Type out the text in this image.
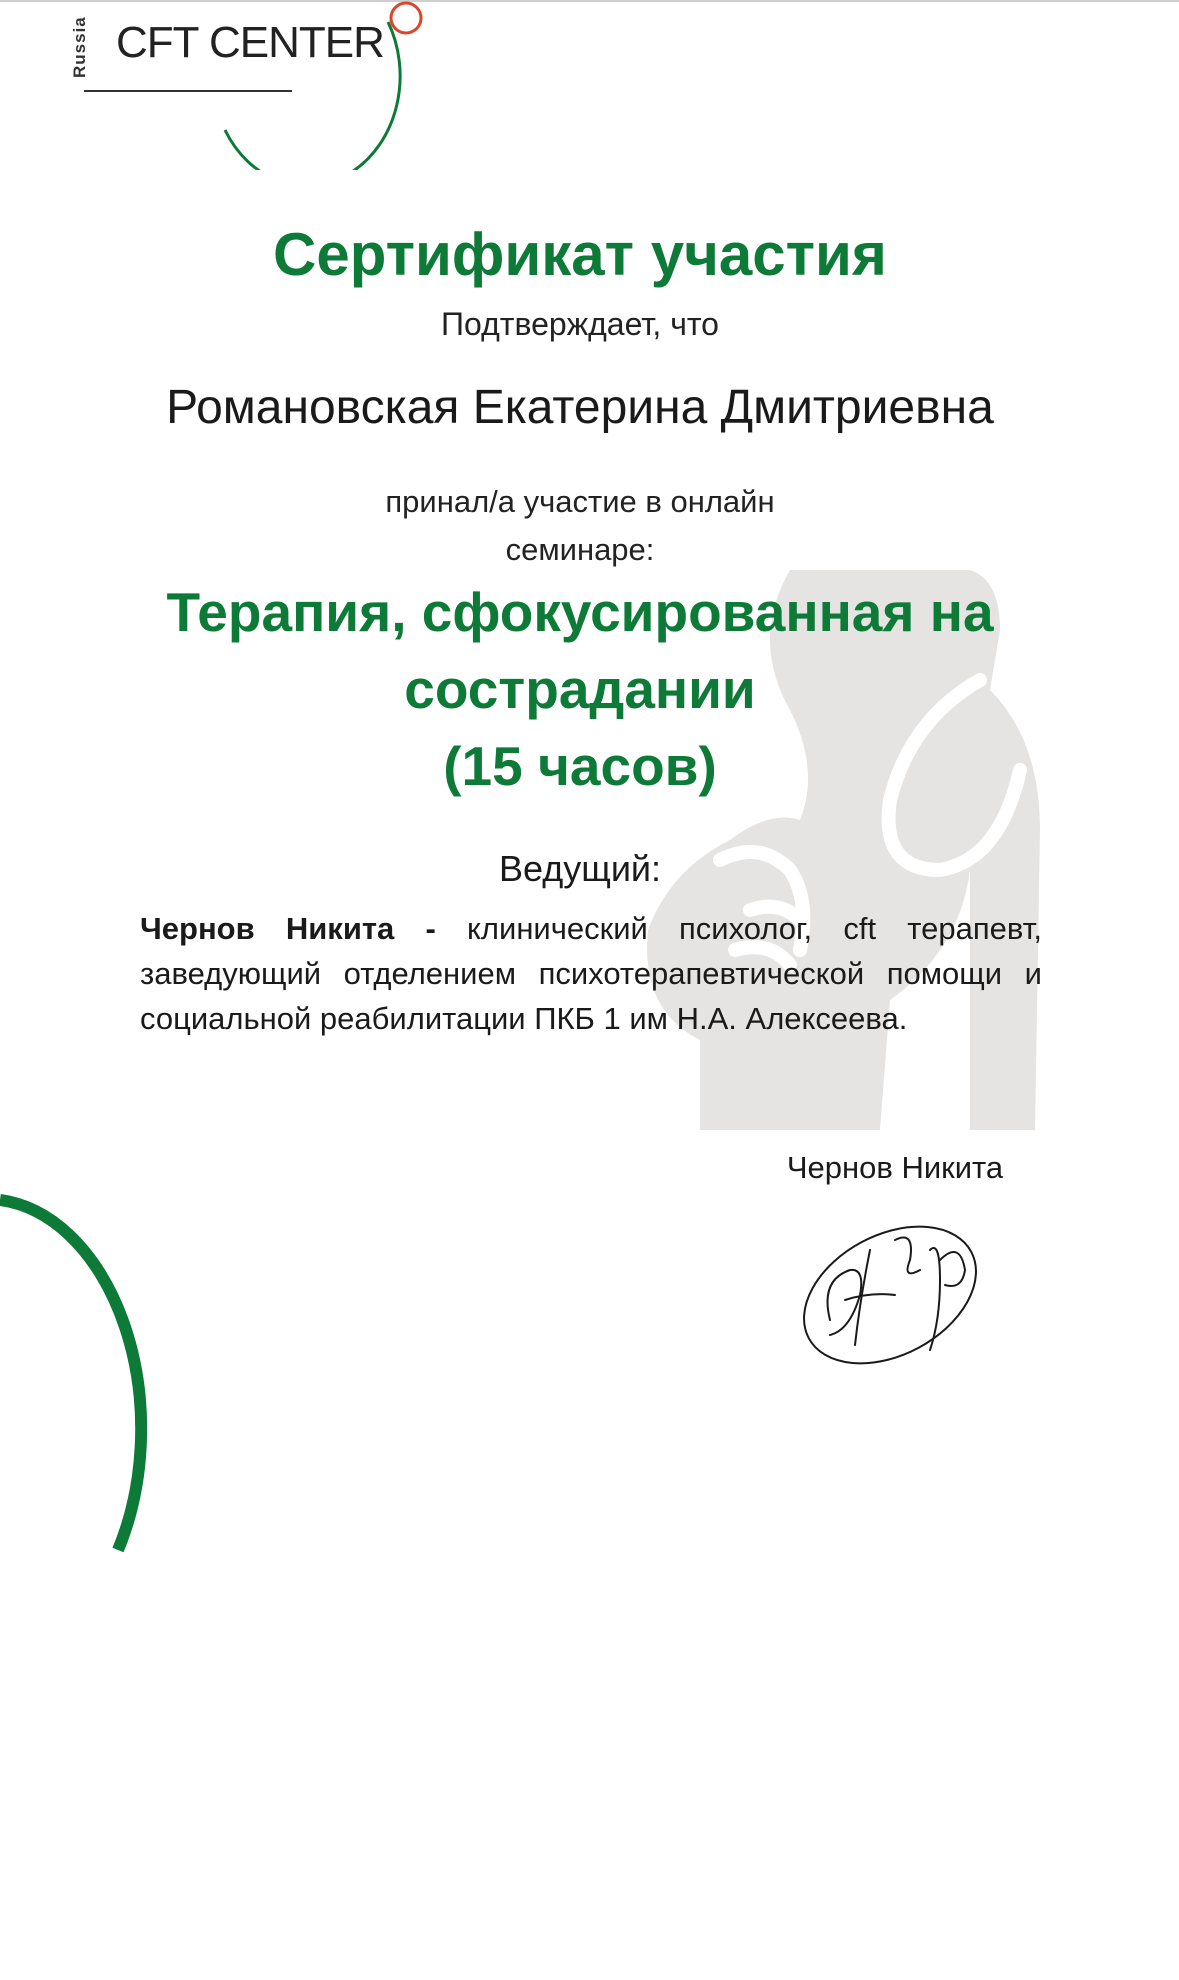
Russia CFT CENTER
Сертификат участия
Подтверждает, что
Романовская Екатерина Дмитриевна
принал/а участие в онлайн
семинаре:
Терапия, сфокусированная на
сострадании
(15 часов)
Ведущий:
Чернов Никита - клинический психолог, cft терапевт, заведующий отделением психотерапевтической помощи и социальной реабилитации ПКБ 1 им Н.А. Алексеева.
Чернов Никита
